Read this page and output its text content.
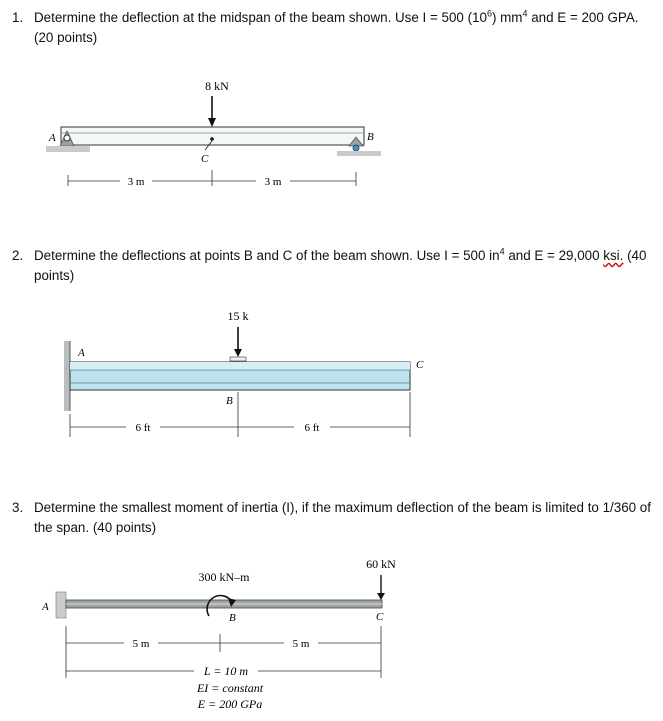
1. Determine the deflection at the midspan of the beam shown. Use I = 500 $(10^6)$ $mm^4$ and E = 200 GPA. (20 points)
8 kN
A	B
C
3 m	3 m
2. Determine the deflections at points B and C of the beam shown. Use I = 500 $in^4$ and E = 29,000 ksi. (40 points)
15 k
A
C
B
6 ft	6 ft
3. Determine the smallest moment of inertia (I), if the maximum deflection of the beam is limited to 1/360 of the span. (40 points)
A
300 kN–m
B
60 kN
C
5 m	5 m
L = 10 m
EI = constant
E = 200 GPa
